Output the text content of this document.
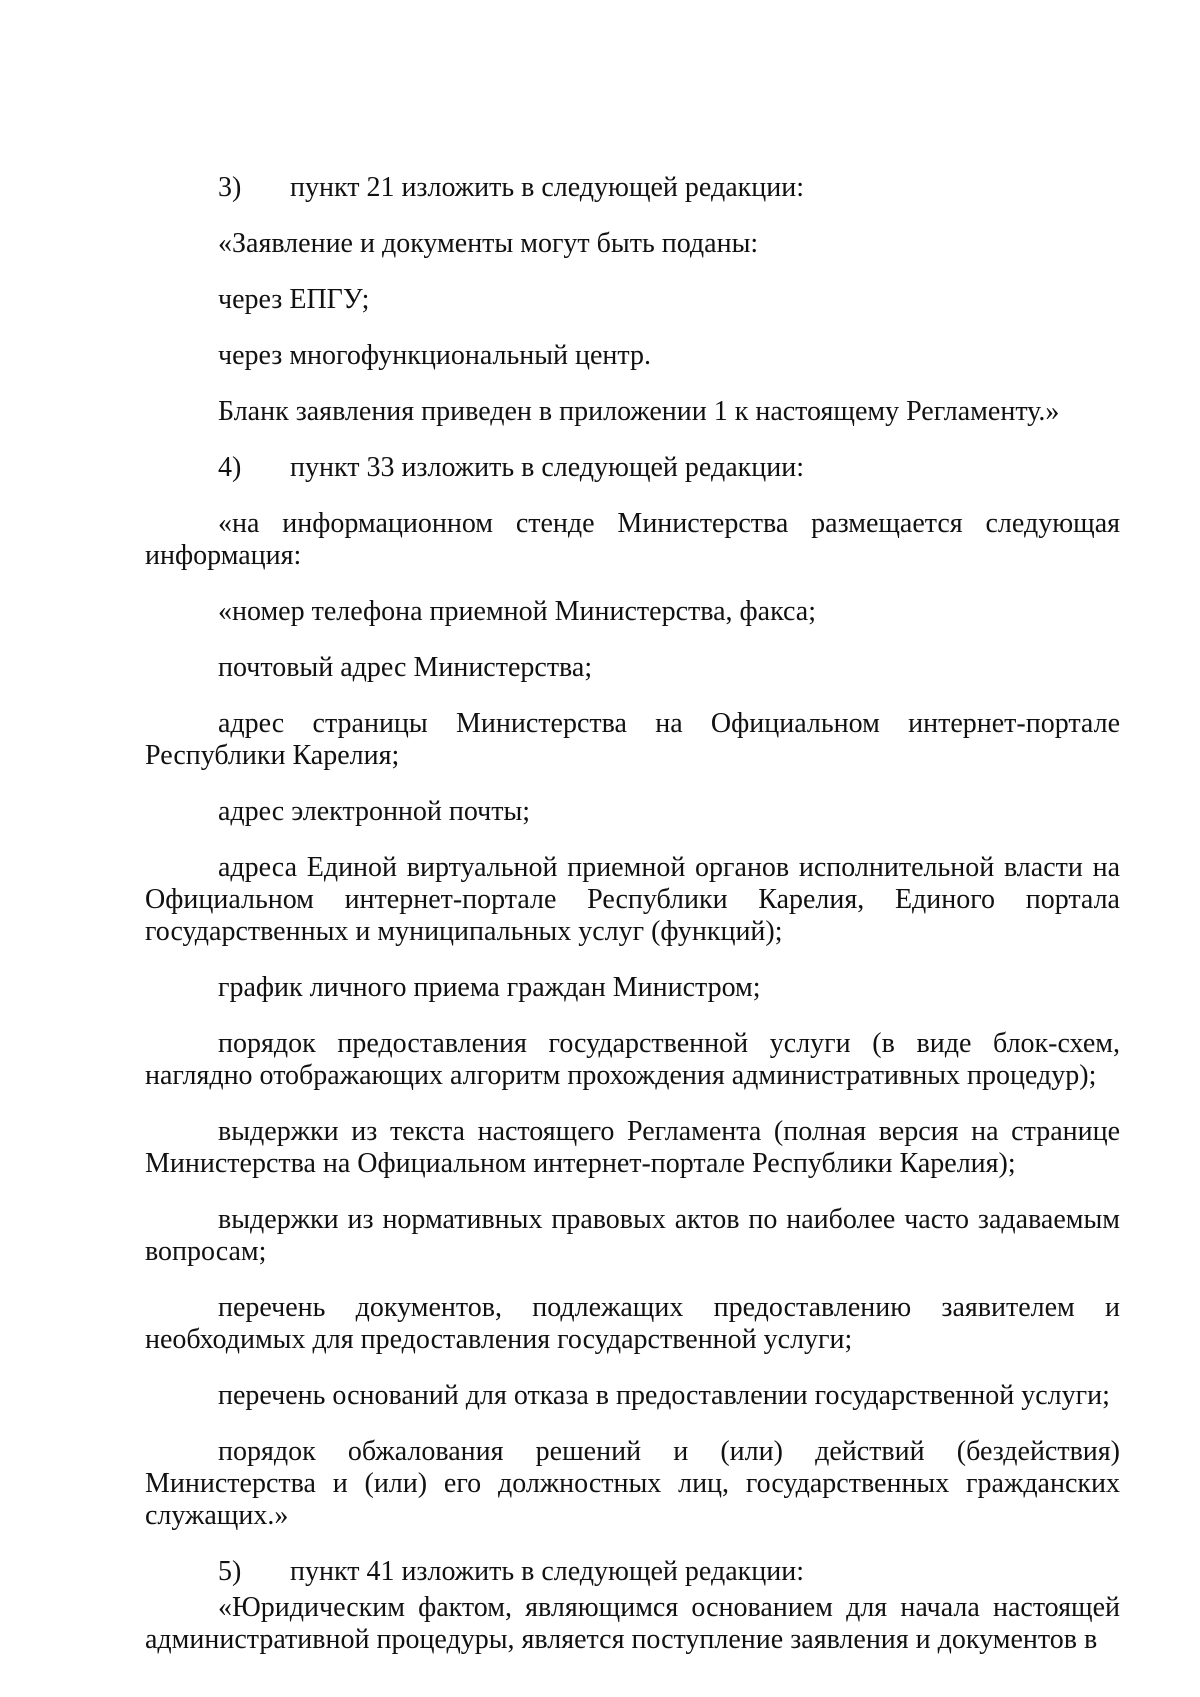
3)	пункт 21 изложить в следующей редакции:

«Заявление и документы могут быть поданы:

через ЕПГУ;

через многофункциональный центр.

Бланк заявления приведен в приложении 1 к настоящему Регламенту.»

4)	пункт 33 изложить в следующей редакции:

«на информационном стенде Министерства размещается следующая информация:

«номер телефона приемной Министерства, факса;

почтовый адрес Министерства;

адрес страницы Министерства на Официальном интернет-портале Республики Карелия;

адрес электронной почты;

адреса Единой виртуальной приемной органов исполнительной власти на Официальном интернет-портале Республики Карелия, Единого портала государственных и муниципальных услуг (функций);

график личного приема граждан Министром;

порядок предоставления государственной услуги (в виде блок-схем, наглядно отображающих алгоритм прохождения административных процедур);

выдержки из текста настоящего Регламента (полная версия на странице Министерства на Официальном интернет-портале Республики Карелия);

выдержки из нормативных правовых актов по наиболее часто задаваемым вопросам;

перечень документов, подлежащих предоставлению заявителем и необходимых для предоставления государственной услуги;

перечень оснований для отказа в предоставлении государственной услуги;

порядок обжалования решений и (или) действий (бездействия) Министерства и (или) его должностных лиц, государственных гражданских служащих.»

5)	пункт 41 изложить в следующей редакции:

«Юридическим фактом, являющимся основанием для начала настоящей административной процедуры, является поступление заявления и документов в
